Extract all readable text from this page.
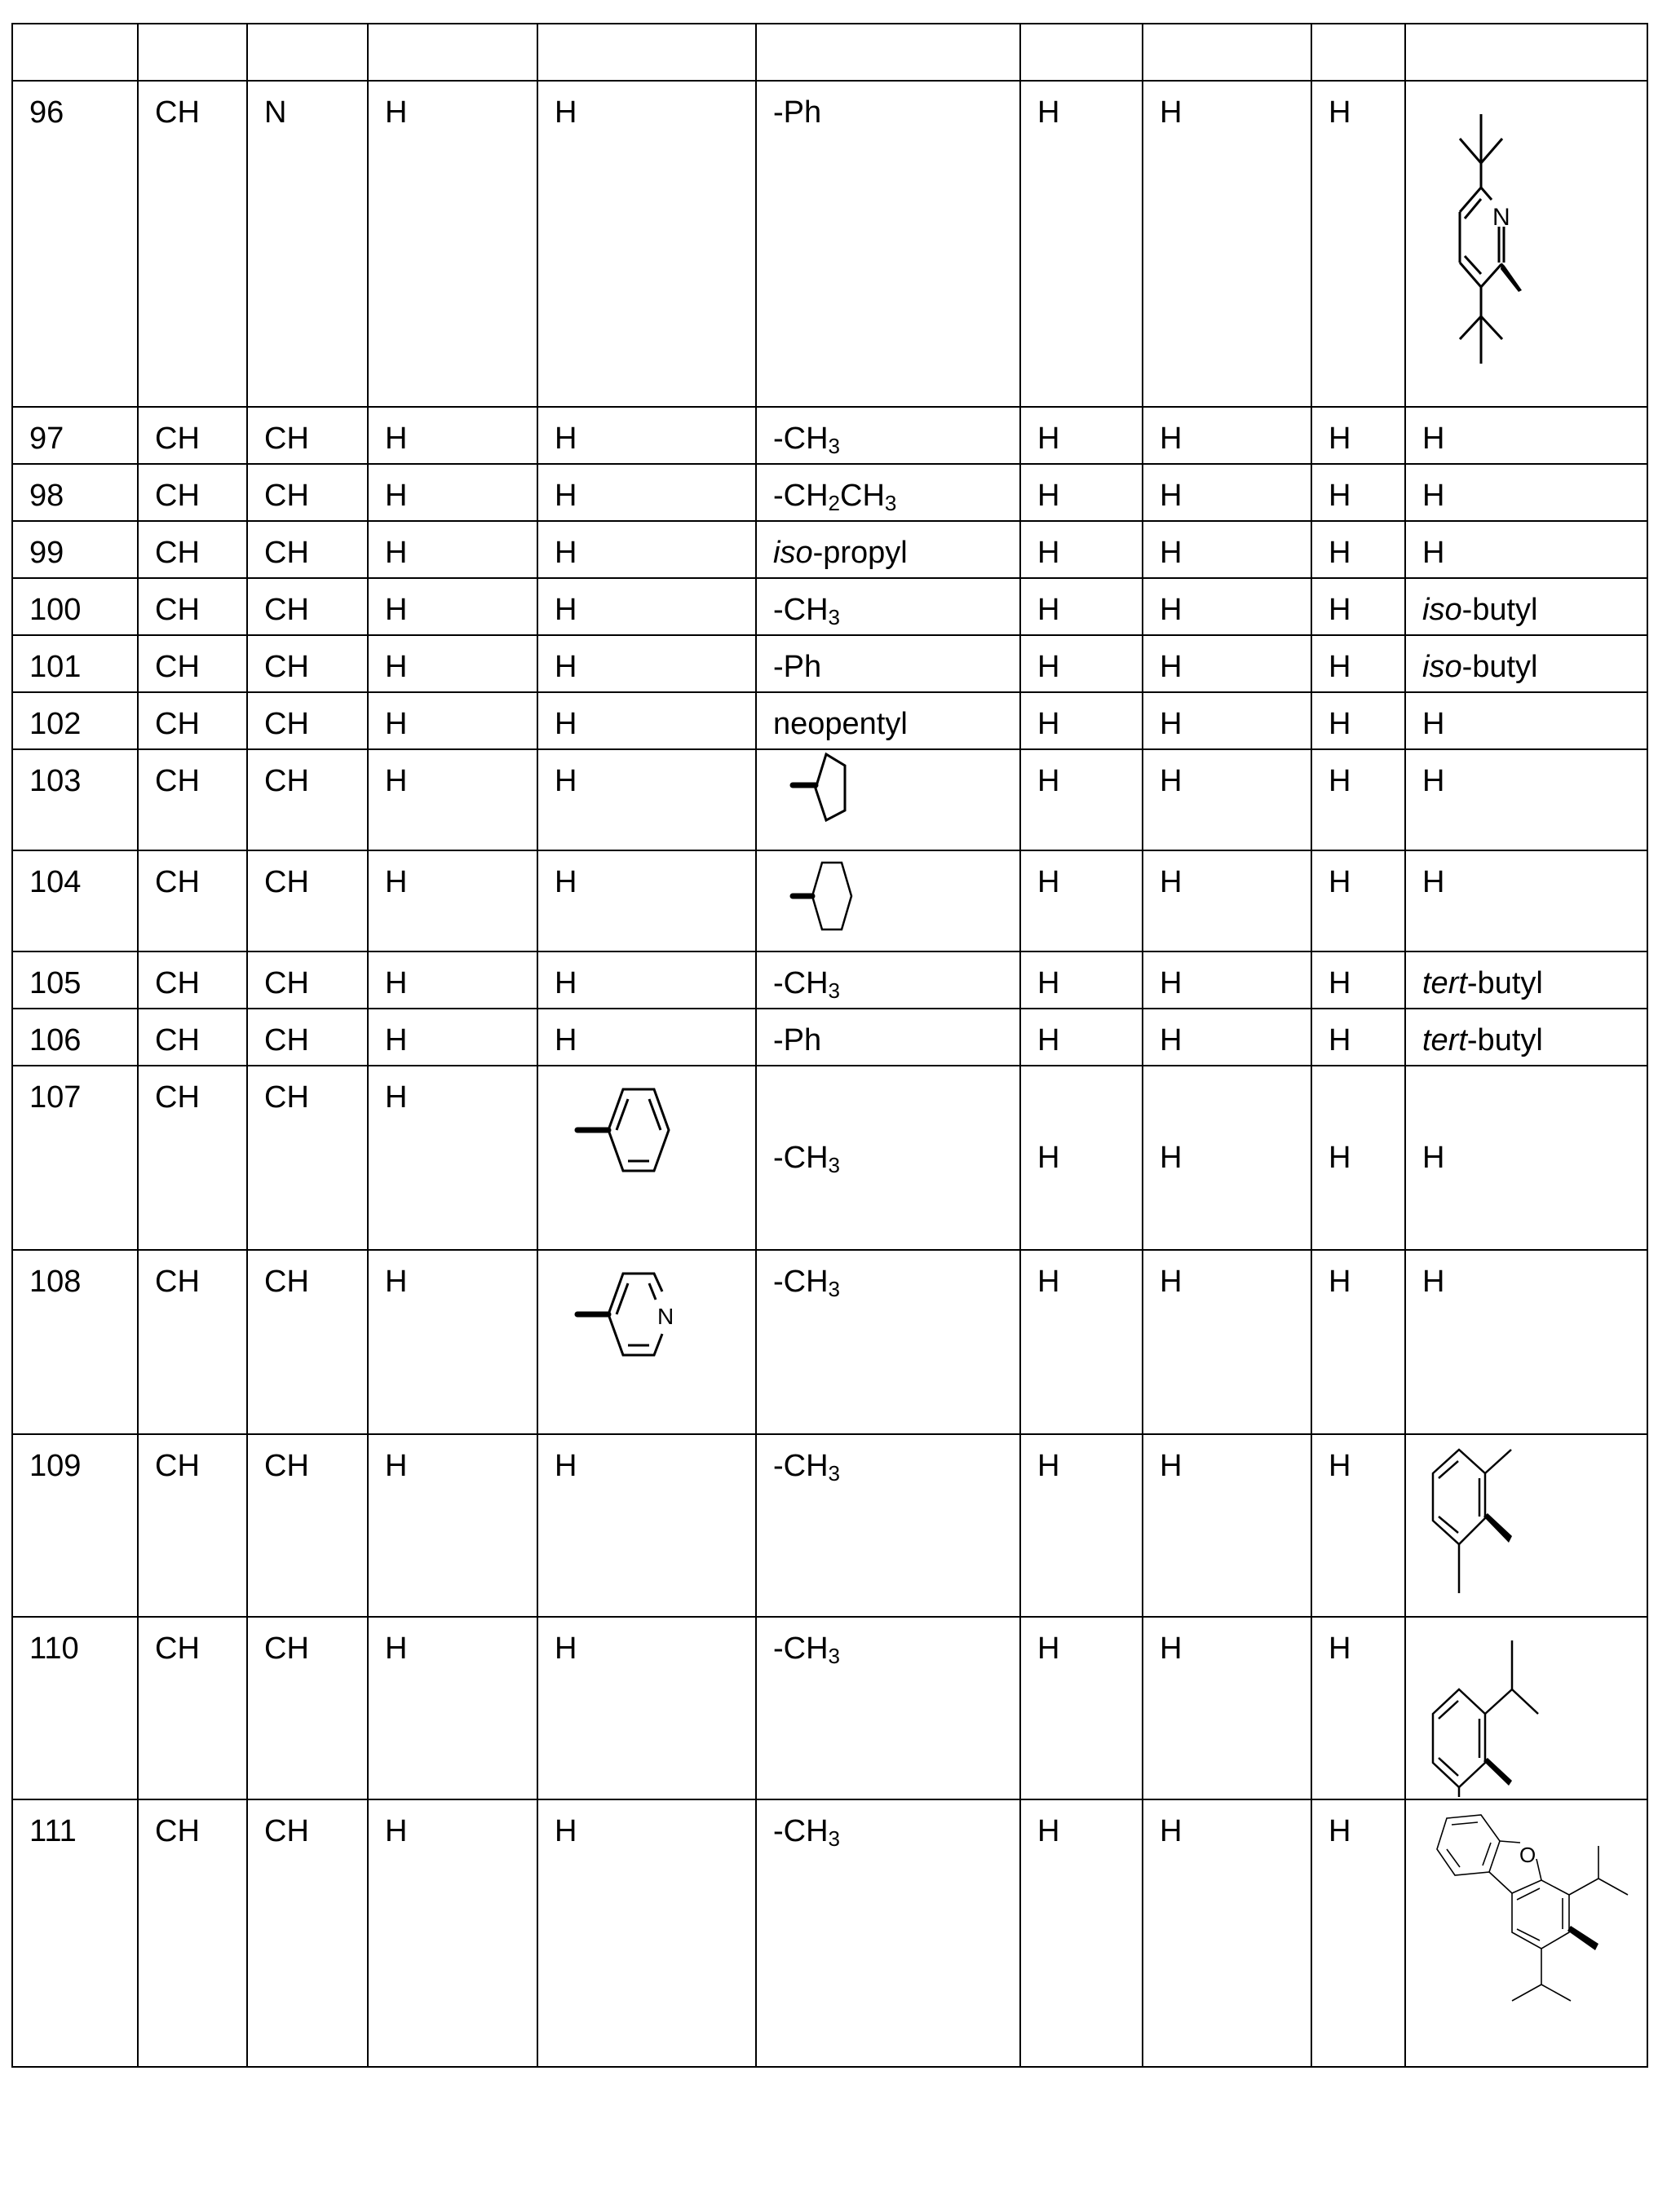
96	CH	N	H	H	-Ph	H	H	H	N

97	CH	CH	H	H	$-CH_3$	H	H	H	H
98	CH	CH	H	H	$-CH_2CH_3$	H	H	H	H
99	CH	CH	H	H	iso-propyl	H	H	H	H
100	CH	CH	H	H	$-CH_3$	H	H	H	iso-butyl
101	CH	CH	H	H	-Ph	H	H	H	iso-butyl
102	CH	CH	H	H	neopentyl	H	H	H	H
103	CH	CH	H	H		H	H	H	H
104	CH	CH	H	H		H	H	H	H
105	CH	CH	H	H	$-CH_3$	H	H	H	tert-butyl
106	CH	CH	H	H	-Ph	H	H	H	tert-butyl
107	CH	CH	H		$-CH_3$	H	H	H	H
108	CH	CH	H	N	$-CH_3$	H	H	H	H
109	CH	CH	H	H	$-CH_3$	H	H	H	

110	CH	CH	H	H	$-CH_3$	H	H	H	

111	CH	CH	H	H	$-CH_3$	H	H	H	O
